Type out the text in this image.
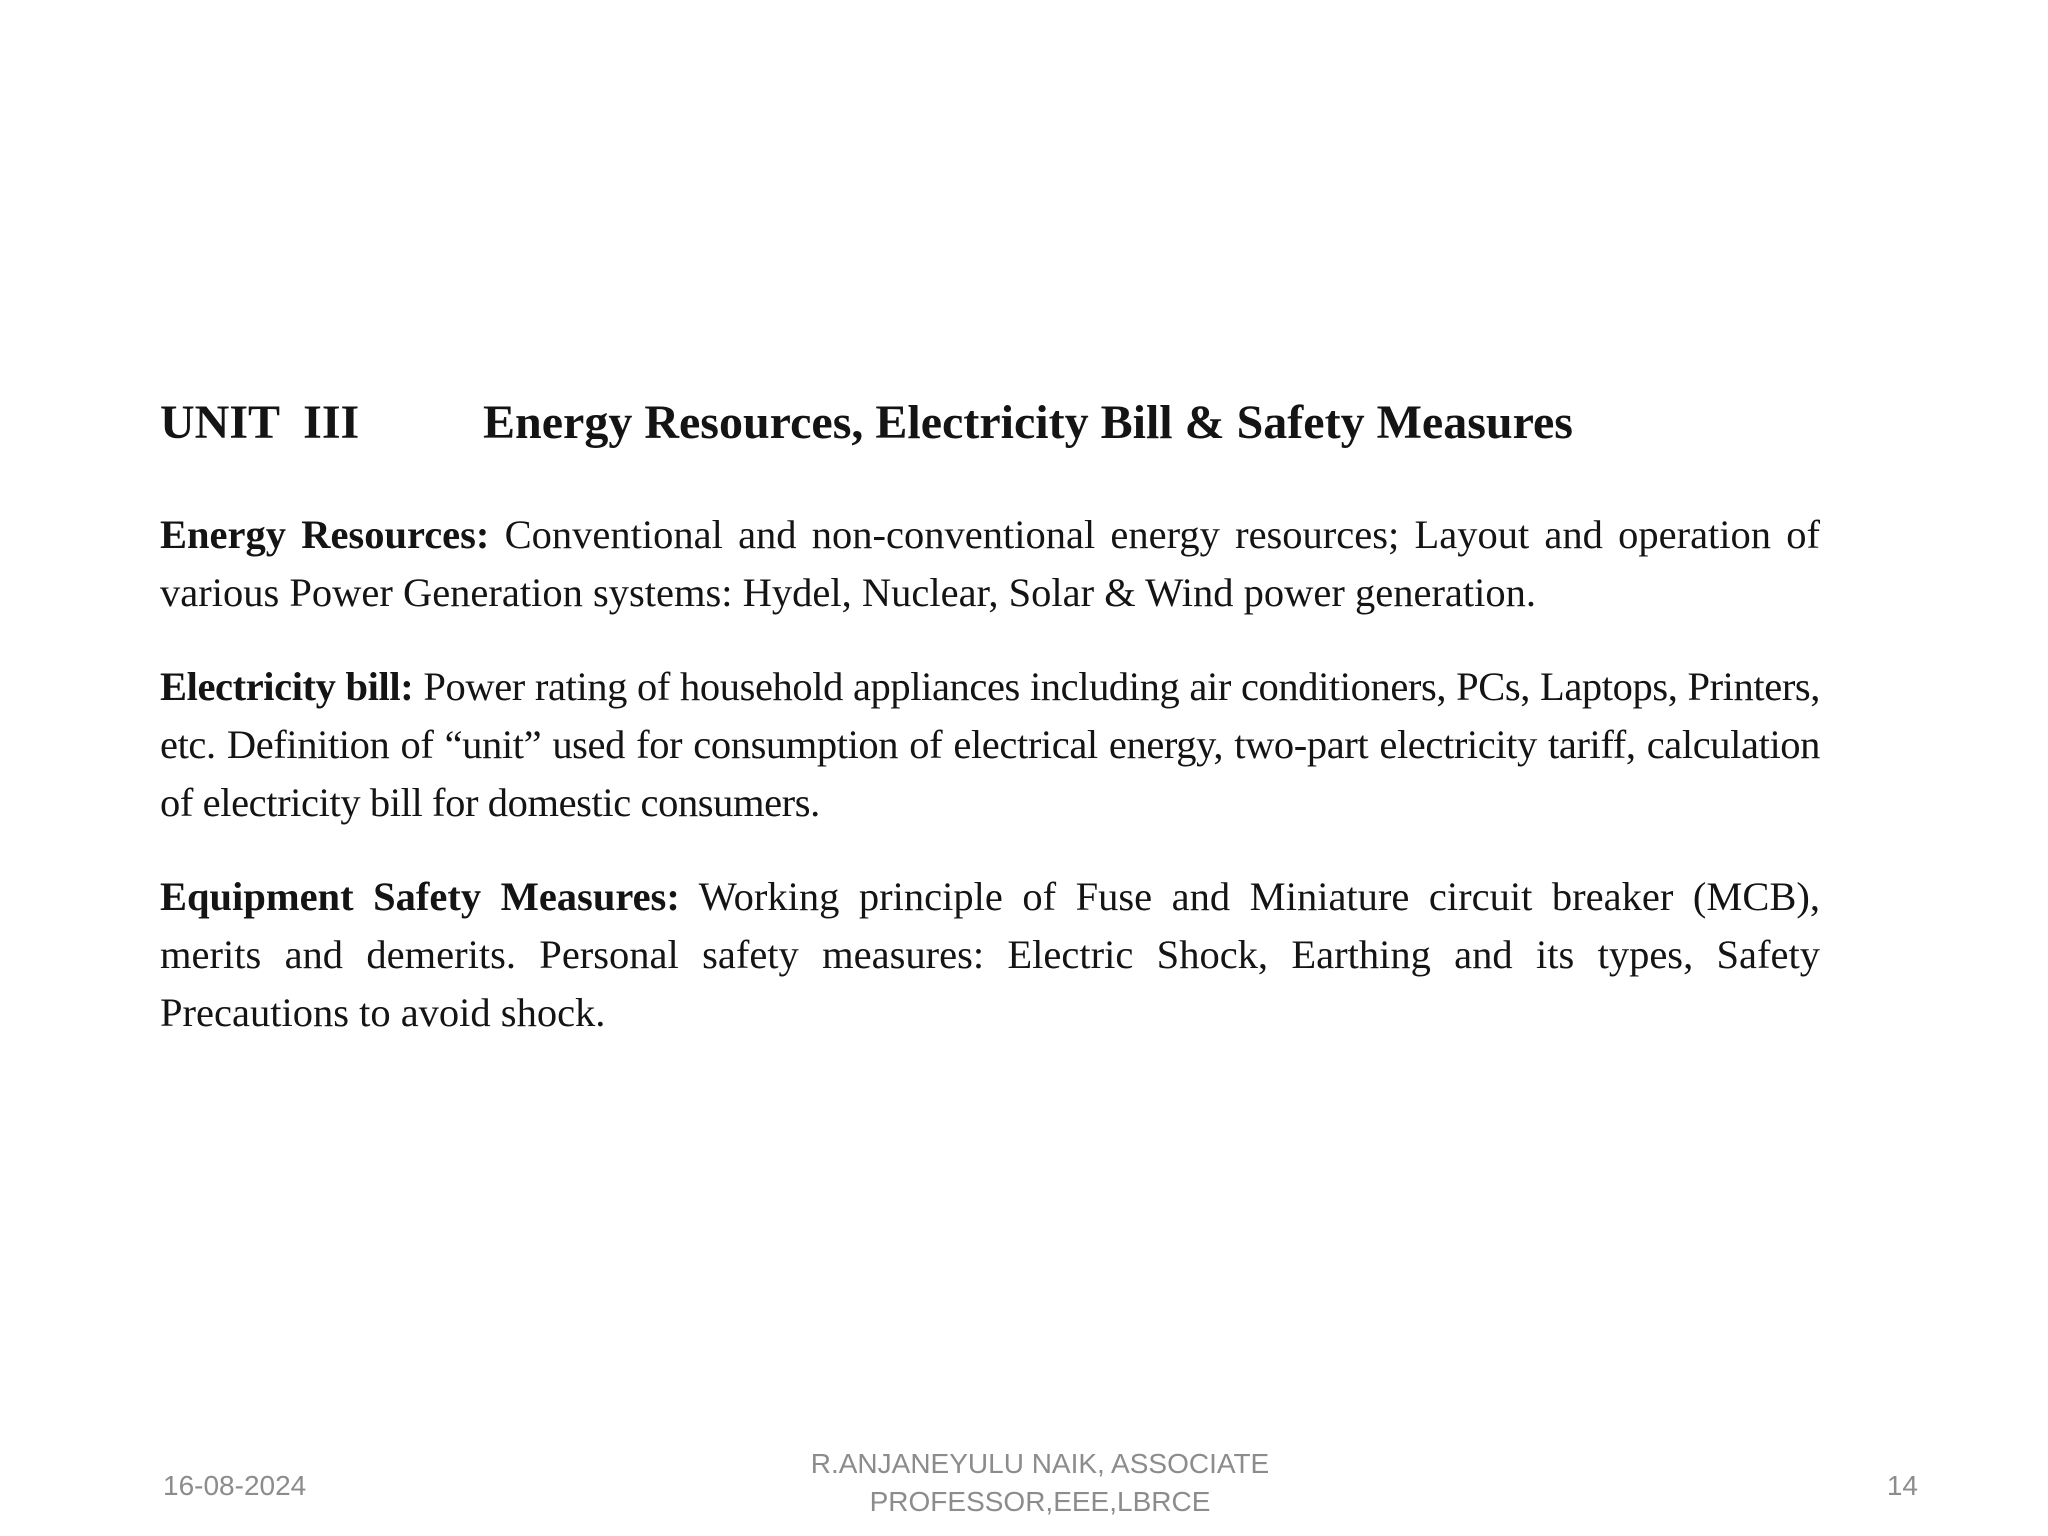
UNIT  III	Energy Resources, Electricity Bill & Safety Measures

Energy Resources: Conventional and non-conventional energy resources; Layout and operation of various Power Generation systems: Hydel, Nuclear, Solar & Wind power generation.

Electricity bill: Power rating of household appliances including air conditioners, PCs, Laptops, Printers, etc. Definition of “unit” used for consumption of electrical energy, two-part electricity tariff, calculation of electricity bill for domestic consumers.

Equipment Safety Measures: Working principle of Fuse and Miniature circuit breaker (MCB), merits and demerits. Personal safety measures: Electric Shock, Earthing and its types, Safety Precautions to avoid shock.

16-08-2024
R.ANJANEYULU NAIK, ASSOCIATE
PROFESSOR,EEE,LBRCE
14
